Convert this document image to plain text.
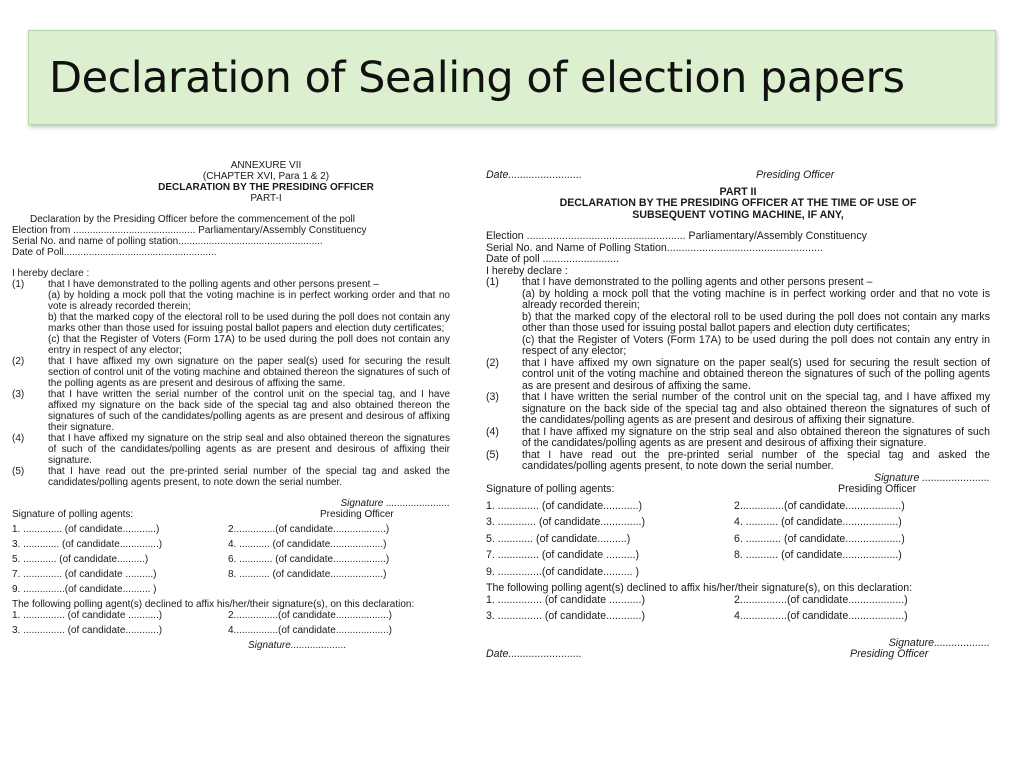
Declaration of Sealing of election papers
ANNEXURE VII
(CHAPTER XVI, Para 1 & 2)
DECLARATION BY THE PRESIDING OFFICER
PART-I
Declaration by the Presiding Officer before the commencement of the poll
Election from ............................................ Parliamentary/Assembly Constituency
Serial No. and name of polling station....................................................
Date of Poll.......................................................
I hereby declare :
(1) that I have demonstrated to the polling agents and other persons present –
(a) by holding a mock poll that the voting machine is in perfect working order and that no vote is already recorded therein;
b) that the marked copy of the electoral roll to be used during the poll does not contain any marks other than those used for issuing postal ballot papers and election duty certificates;
(c) that the Register of Voters (Form 17A) to be used during the poll does not contain any entry in respect of any elector;
(2) that I have affixed my own signature on the paper seal(s) used for securing the result section of control unit of the voting machine and obtained thereon the signatures of such of the polling agents as are present and desirous of affixing the same.
(3) that I have written the serial number of the control unit on the special tag, and I have affixed my signature on the back side of the special tag and also obtained thereon the signatures of such of the candidates/polling agents as are present and desirous of affixing their signature.
(4) that I have affixed my signature on the strip seal and also obtained thereon the signatures of such of the candidates/polling agents as are present and desirous of affixing their signature.
(5) that I have read out the pre-printed serial number of the special tag and asked the candidates/polling agents present, to note down the serial number.
Signature .......................
Signature of polling agents:	Presiding Officer
1. .............. (of candidate............)	2...............(of candidate...................)
3. ............. (of candidate..............)	4. ........... (of candidate...................)
5. ............ (of candidate..........)	6. ............ (of candidate...................)
7. .............. (of candidate ..........)	8. ........... (of candidate...................)
9. ...............(of candidate.......... )
The following polling agent(s) declined to affix his/her/their signature(s), on this declaration:
1. ............... (of candidate ...........)	2................(of candidate...................)
3. ............... (of candidate............)	4................(of candidate...................)
Signature....................
Date.........................	Presiding Officer
PART II
DECLARATION BY THE PRESIDING OFFICER AT THE TIME OF USE OF
SUBSEQUENT VOTING MACHINE, IF ANY,
Election ...................................................... Parliamentary/Assembly Constituency
Serial No. and Name of Polling Station.....................................................
Date of poll ..........................
I hereby declare :
(1) that I have demonstrated to the polling agents and other persons present –
(a) by holding a mock poll that the voting machine is in perfect working order and that no vote is already recorded therein;
b) that the marked copy of the electoral roll to be used during the poll does not contain any marks other than those used for issuing postal ballot papers and election duty certificates;
(c) that the Register of Voters (Form 17A) to be used during the poll does not contain any entry in respect of any elector;
(2) that I have affixed my own signature on the paper seal(s) used for securing the result section of control unit of the voting machine and obtained thereon the signatures of such of the polling agents as are present and desirous of affixing the same.
(3) that I have written the serial number of the control unit on the special tag, and I have affixed my signature on the back side of the special tag and also obtained thereon the signatures of such of the candidates/polling agents as are present and desirous of affixing their signature.
(4) that I have affixed my signature on the strip seal and also obtained thereon the signatures of such of the candidates/polling agents as are present and desirous of affixing their signature.
(5) that I have read out the pre-printed serial number of the special tag and asked the candidates/polling agents present, to note down the serial number.
Signature .......................
Signature of polling agents:	Presiding Officer
1. .............. (of candidate............)	2...............(of candidate...................)
3. ............. (of candidate..............)	4. ........... (of candidate...................)
5. ............ (of candidate..........)	6. ............ (of candidate...................)
7. .............. (of candidate ..........)	8. ........... (of candidate...................)
9. ...............(of candidate.......... )
The following polling agent(s) declined to affix his/her/their signature(s), on this declaration:
1. ............... (of candidate ...........)	2................(of candidate...................)
3. ............... (of candidate............)	4................(of candidate...................)
Signature...................
Date.........................	Presiding Officer
